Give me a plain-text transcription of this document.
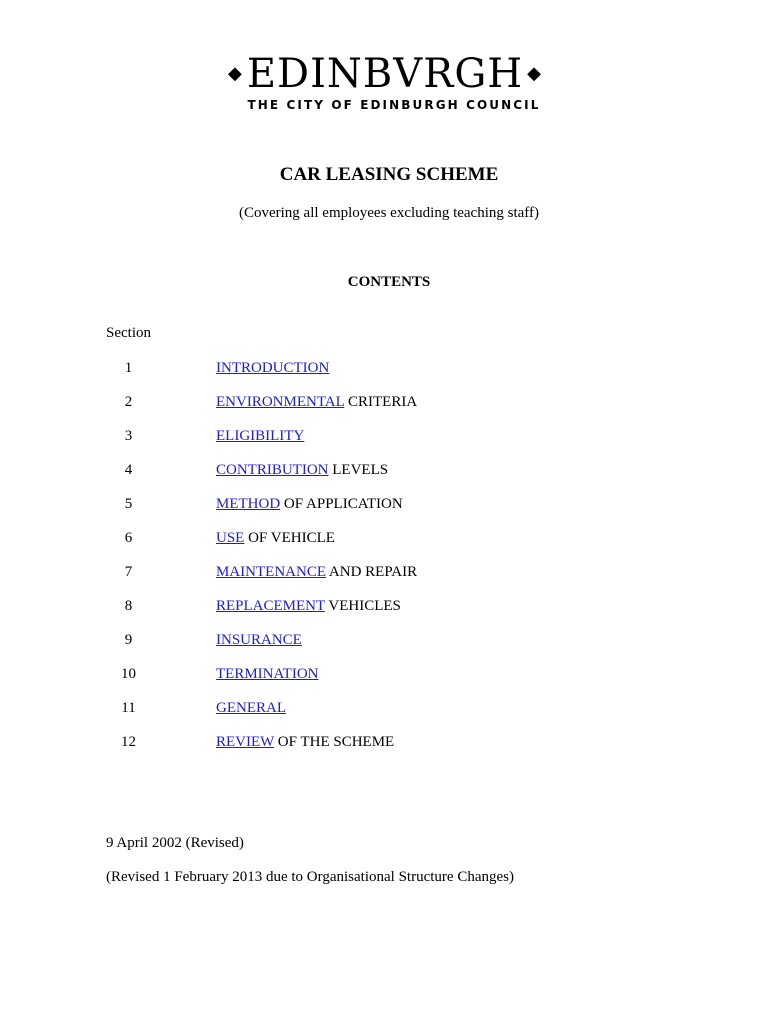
◆ EDINBVRGH ◆
THE CITY OF EDINBURGH COUNCIL
CAR LEASING SCHEME
(Covering all employees excluding teaching staff)
CONTENTS
Section
1	INTRODUCTION
2	ENVIRONMENTAL CRITERIA
3	ELIGIBILITY
4	CONTRIBUTION LEVELS
5	METHOD OF APPLICATION
6	USE OF VEHICLE
7	MAINTENANCE AND REPAIR
8	REPLACEMENT VEHICLES
9	INSURANCE
10	TERMINATION
11	GENERAL
12	REVIEW OF THE SCHEME
9 April 2002 (Revised)
(Revised 1 February 2013 due to Organisational Structure Changes)
